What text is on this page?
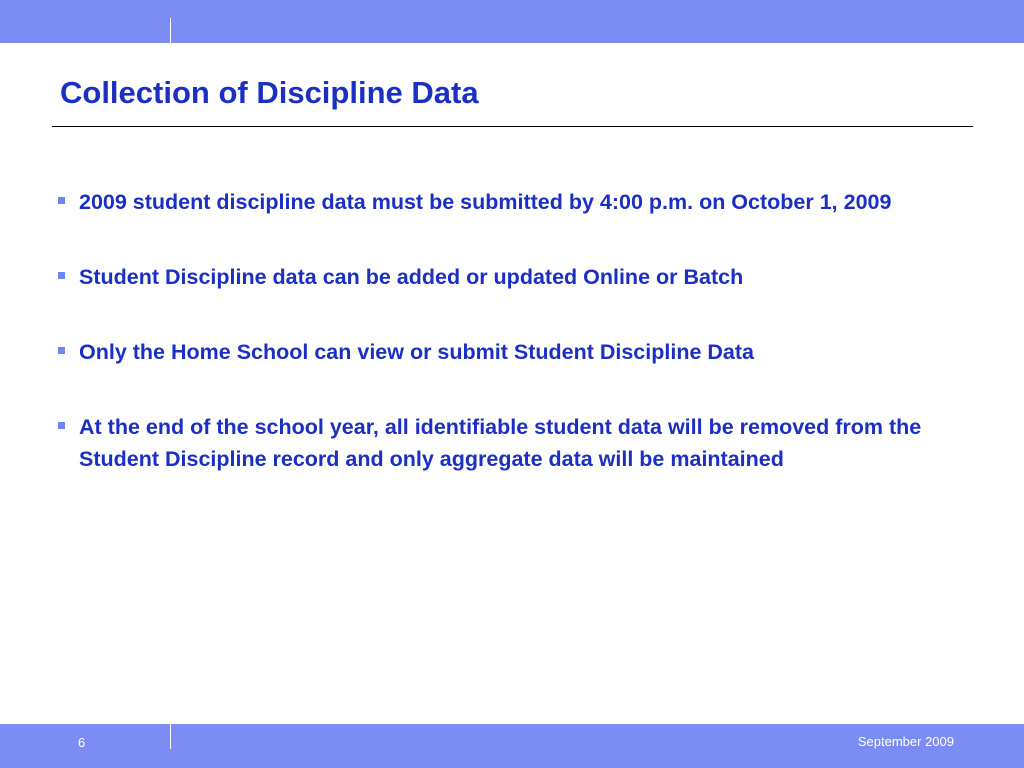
Collection of Discipline Data
2009 student discipline data must be submitted by 4:00 p.m. on October 1, 2009
Student Discipline data can be added or updated Online or Batch
Only the Home School can view or submit Student Discipline Data
At the end of the school year, all identifiable student data will be removed from the Student Discipline record and only aggregate data will be maintained
6	September 2009
